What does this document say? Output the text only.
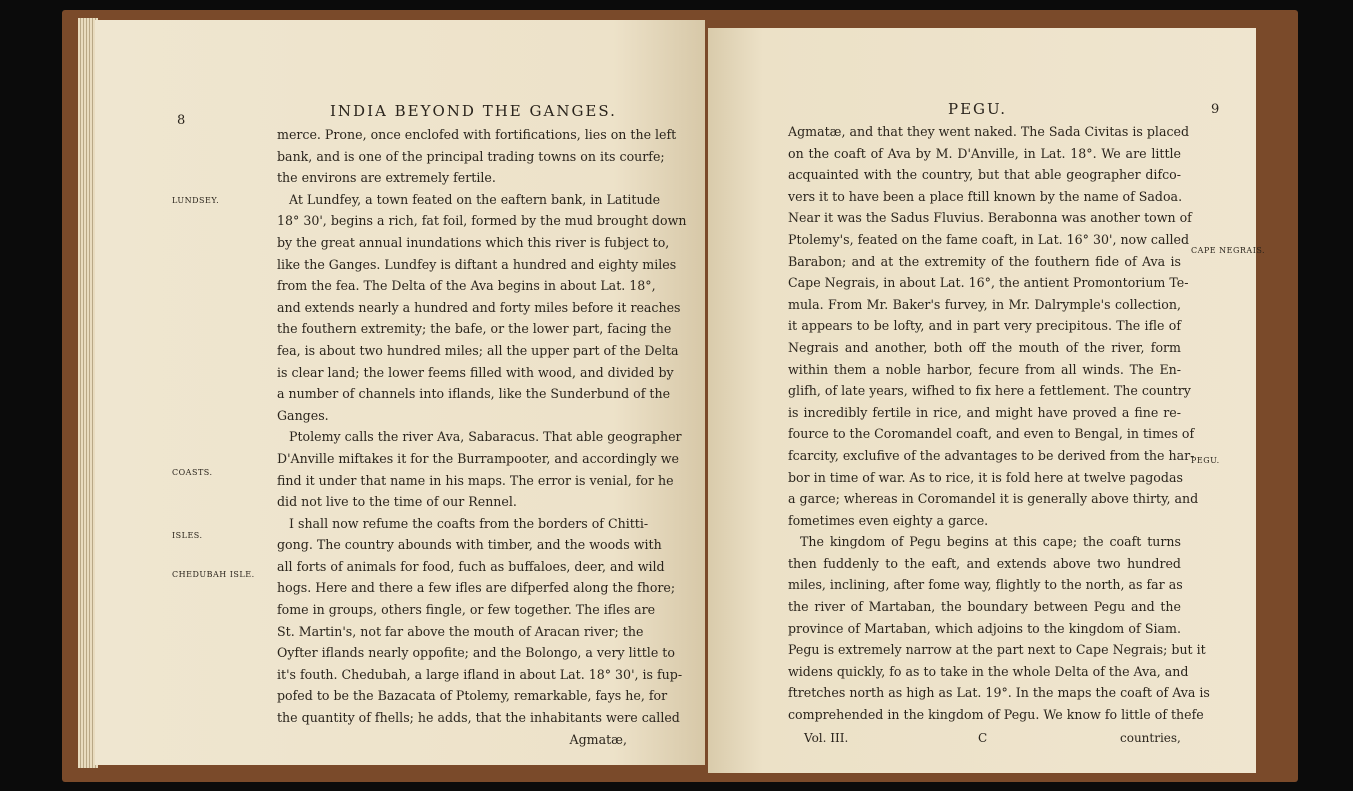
8
INDIA BEYOND THE GANGES.
LUNDSEY.
COASTS.
ISLES.
CHEDUBAH ISLE.
merce. Prone, once enclofed with fortifications, lies on the left
bank, and is one of the principal trading towns on its courfe;
the environs are extremely fertile.
At Lundfey, a town feated on the eaftern bank, in Latitude
18° 30', begins a rich, fat foil, formed by the mud brought down
by the great annual inundations which this river is fubject to,
like the Ganges. Lundfey is diftant a hundred and eighty miles
from the fea. The Delta of the Ava begins in about Lat. 18°,
and extends nearly a hundred and forty miles before it reaches
the fouthern extremity; the bafe, or the lower part, facing the
fea, is about two hundred miles; all the upper part of the Delta
is clear land; the lower feems filled with wood, and divided by
a number of channels into iflands, like the Sunderbund of the
Ganges.
Ptolemy calls the river Ava, Sabaracus. That able geographer
D'Anville miftakes it for the Burrampooter, and accordingly we
find it under that name in his maps. The error is venial, for he
did not live to the time of our Rennel.
I shall now refume the coafts from the borders of Chitti-
gong. The country abounds with timber, and the woods with
all forts of animals for food, fuch as buffaloes, deer, and wild
hogs. Here and there a few ifles are difperfed along the fhore;
fome in groups, others fingle, or few together. The ifles are
St. Martin's, not far above the mouth of Aracan river; the
Oyfter iflands nearly oppofite; and the Bolongo, a very little to
it's fouth. Chedubah, a large ifland in about Lat. 18° 30', is fup-
pofed to be the Bazacata of Ptolemy, remarkable, fays he, for
the quantity of fhells; he adds, that the inhabitants were called
Agmatæ,
PEGU.	9
CAPE NEGRAIS.
PEGU.
Agmatæ, and that they went naked. The Sada Civitas is placed
on the coaft of Ava by M. D'Anville, in Lat. 18°. We are little
acquainted with the country, but that able geographer difco-
vers it to have been a place ftill known by the name of Sadoa.
Near it was the Sadus Fluvius. Berabonna was another town of
Ptolemy's, feated on the fame coaft, in Lat. 16° 30', now called
Barabon; and at the extremity of the fouthern fide of Ava is
Cape Negrais, in about Lat. 16°, the antient Promontorium Te-
mula. From Mr. Baker's furvey, in Mr. Dalrymple's collection,
it appears to be lofty, and in part very precipitous. The ifle of
Negrais and another, both off the mouth of the river, form
within them a noble harbor, fecure from all winds. The En-
glifh, of late years, wifhed to fix here a fettlement. The country
is incredibly fertile in rice, and might have proved a fine re-
fource to the Coromandel coaft, and even to Bengal, in times of
fcarcity, exclufive of the advantages to be derived from the har-
bor in time of war. As to rice, it is fold here at twelve pagodas
a garce; whereas in Coromandel it is generally above thirty, and
fometimes even eighty a garce.
The kingdom of Pegu begins at this cape; the coaft turns
then fuddenly to the eaft, and extends above two hundred
miles, inclining, after fome way, flightly to the north, as far as
the river of Martaban, the boundary between Pegu and the
province of Martaban, which adjoins to the kingdom of Siam.
Pegu is extremely narrow at the part next to Cape Negrais; but it
widens quickly, fo as to take in the whole Delta of the Ava, and
ftretches north as high as Lat. 19°. In the maps the coaft of Ava is
comprehended in the kingdom of Pegu. We know fo little of thefe
Vol. III.	C	countries,
